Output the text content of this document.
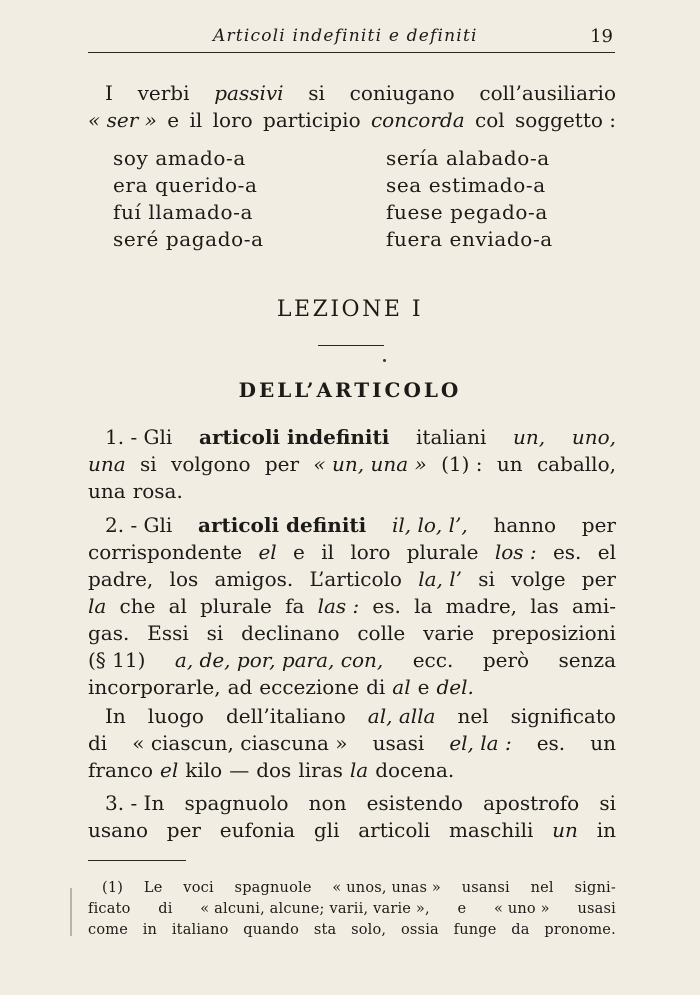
Articoli indefiniti e definiti	19
I verbi passivi si coniugano coll’ausiliario
« ser » e il loro participio concorda col soggetto :
soy amado-a
era querido-a
fuí llamado-a
seré pagado-a
sería alabado-a
sea estimado-a
fuese pegado-a
fuera enviado-a
LEZIONE I
DELL’ARTICOLO
1. - Gli articoli indefiniti italiani un, uno,
una si volgono per « un, una » (1) : un caballo,
una rosa.
2. - Gli articoli definiti il, lo, l’, hanno per
corrispondente el e il loro plurale los : es. el
padre, los amigos. L’articolo la, l’ si volge per
la che al plurale fa las : es. la madre, las ami-
gas. Essi si declinano colle varie preposizioni
(§ 11) a, de, por, para, con, ecc. però senza
incorporarle, ad eccezione di al e del.
In luogo dell’italiano al, alla nel significato
di « ciascun, ciascuna » usasi el, la : es. un
franco el kilo — dos liras la docena.
3. - In spagnuolo non esistendo apostrofo si
usano per eufonia gli articoli maschili un in
(1) Le voci spagnuole « unos, unas » usansi nel signi-
ficato di « alcuni, alcune; varii, varie », e « uno » usasi
come in italiano quando sta solo, ossia funge da pronome.
